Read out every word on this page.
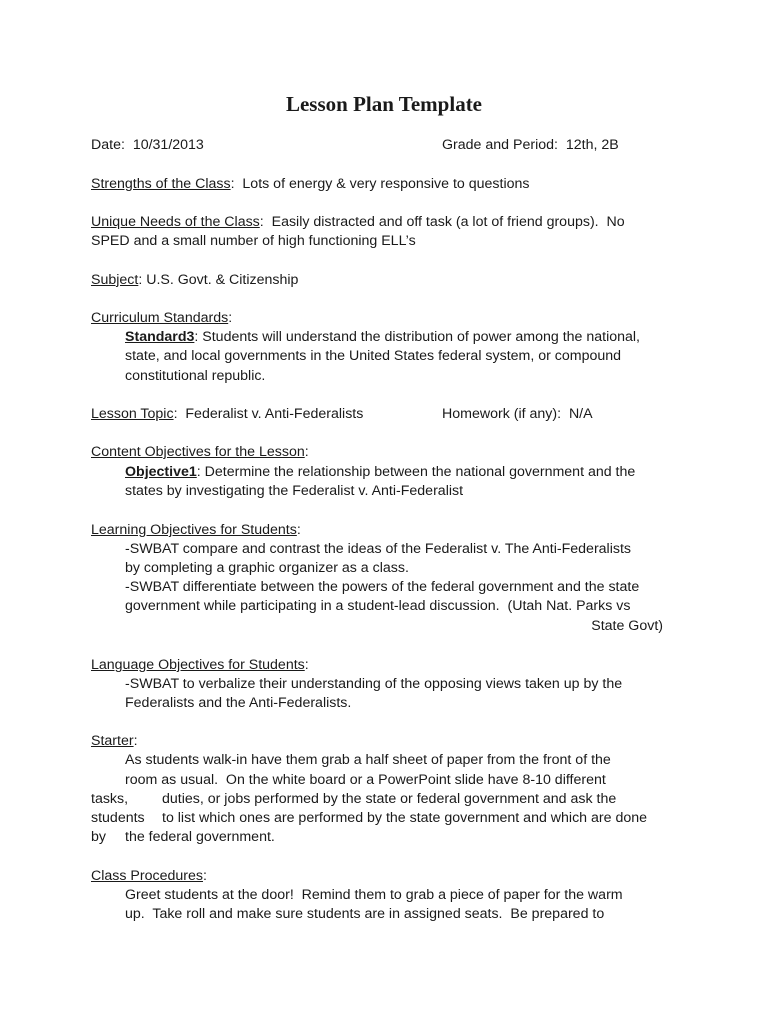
Lesson Plan Template
Date: 10/31/2013	Grade and Period: 12th, 2B
Strengths of the Class:  Lots of energy & very responsive to questions
Unique Needs of the Class:  Easily distracted and off task (a lot of friend groups).  No
SPED and a small number of high functioning ELL’s
Subject: U.S. Govt. & Citizenship
Curriculum Standards:
Standard3: Students will understand the distribution of power among the national,
state, and local governments in the United States federal system, or compound
constitutional republic.
Lesson Topic:  Federalist v. Anti-Federalists	Homework (if any): N/A
Content Objectives for the Lesson:
Objective1: Determine the relationship between the national government and the
states by investigating the Federalist v. Anti-Federalist
Learning Objectives for Students:
-SWBAT compare and contrast the ideas of the Federalist v. The Anti-Federalists
by completing a graphic organizer as a class.
-SWBAT differentiate between the powers of the federal government and the state
government while participating in a student-lead discussion.  (Utah Nat. Parks vs
State Govt)
Language Objectives for Students:
-SWBAT to verbalize their understanding of the opposing views taken up by the
Federalists and the Anti-Federalists.
Starter:
As students walk-in have them grab a half sheet of paper from the front of the
room as usual.  On the white board or a PowerPoint slide have 8-10 different
tasks, duties, or jobs performed by the state or federal government and ask the
students to list which ones are performed by the state government and which are done
by the federal government.
Class Procedures:
Greet students at the door!  Remind them to grab a piece of paper for the warm
up.  Take roll and make sure students are in assigned seats.  Be prepared to
